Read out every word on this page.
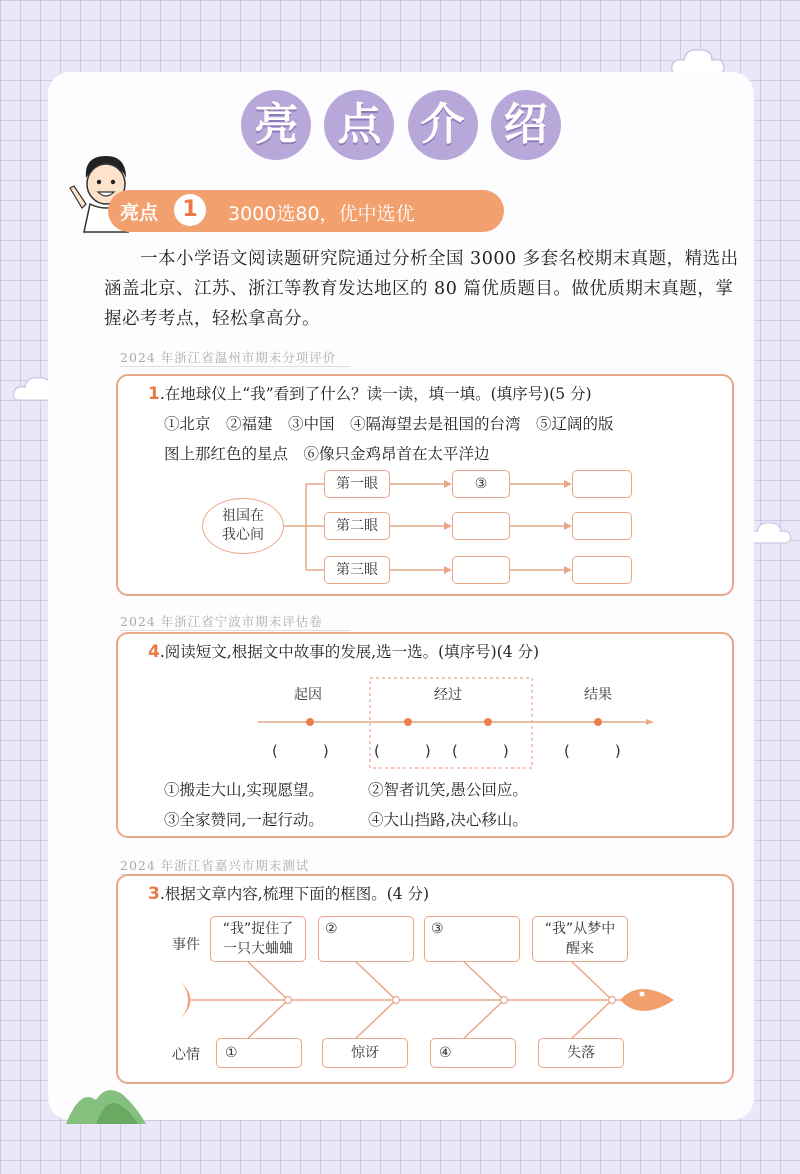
亮 点 介 绍
亮点	1	3000选80，优中选优
一本小学语文阅读题研究院通过分析全国 3000 多套名校期末真题，精选出涵盖北京、江苏、浙江等教育发达地区的 80 篇优质题目。做优质期末真题，掌握必考考点，轻松拿高分。
2024 年浙江省温州市期末分项评价
1.在地球仪上“我”看到了什么？读一读，填一填。(填序号)(5 分)
①北京　②福建　③中国　④隔海望去是祖国的台湾　⑤辽阔的版
图上那红色的星点　⑥像只金鸡昂首在太平洋边
祖国在
我心间
第一眼
第二眼
第三眼
③
2024 年浙江省宁波市期末评估卷
4.阅读短文,根据文中故事的发展,选一选。(填序号)(4 分)
起因	经过	结果
(　　　)	(　　　) (　　　)	(　　　)
①搬走大山,实现愿望。	②智者讥笑,愚公回应。
③全家赞同,一起行动。	④大山挡路,决心移山。
2024 年浙江省嘉兴市期末测试
3.根据文章内容,梳理下面的框图。(4 分)
事件
心情
“我”捉住了
一只大蛐蛐
②	③	“我”从梦中
醒来
①	惊讶	④	失落
